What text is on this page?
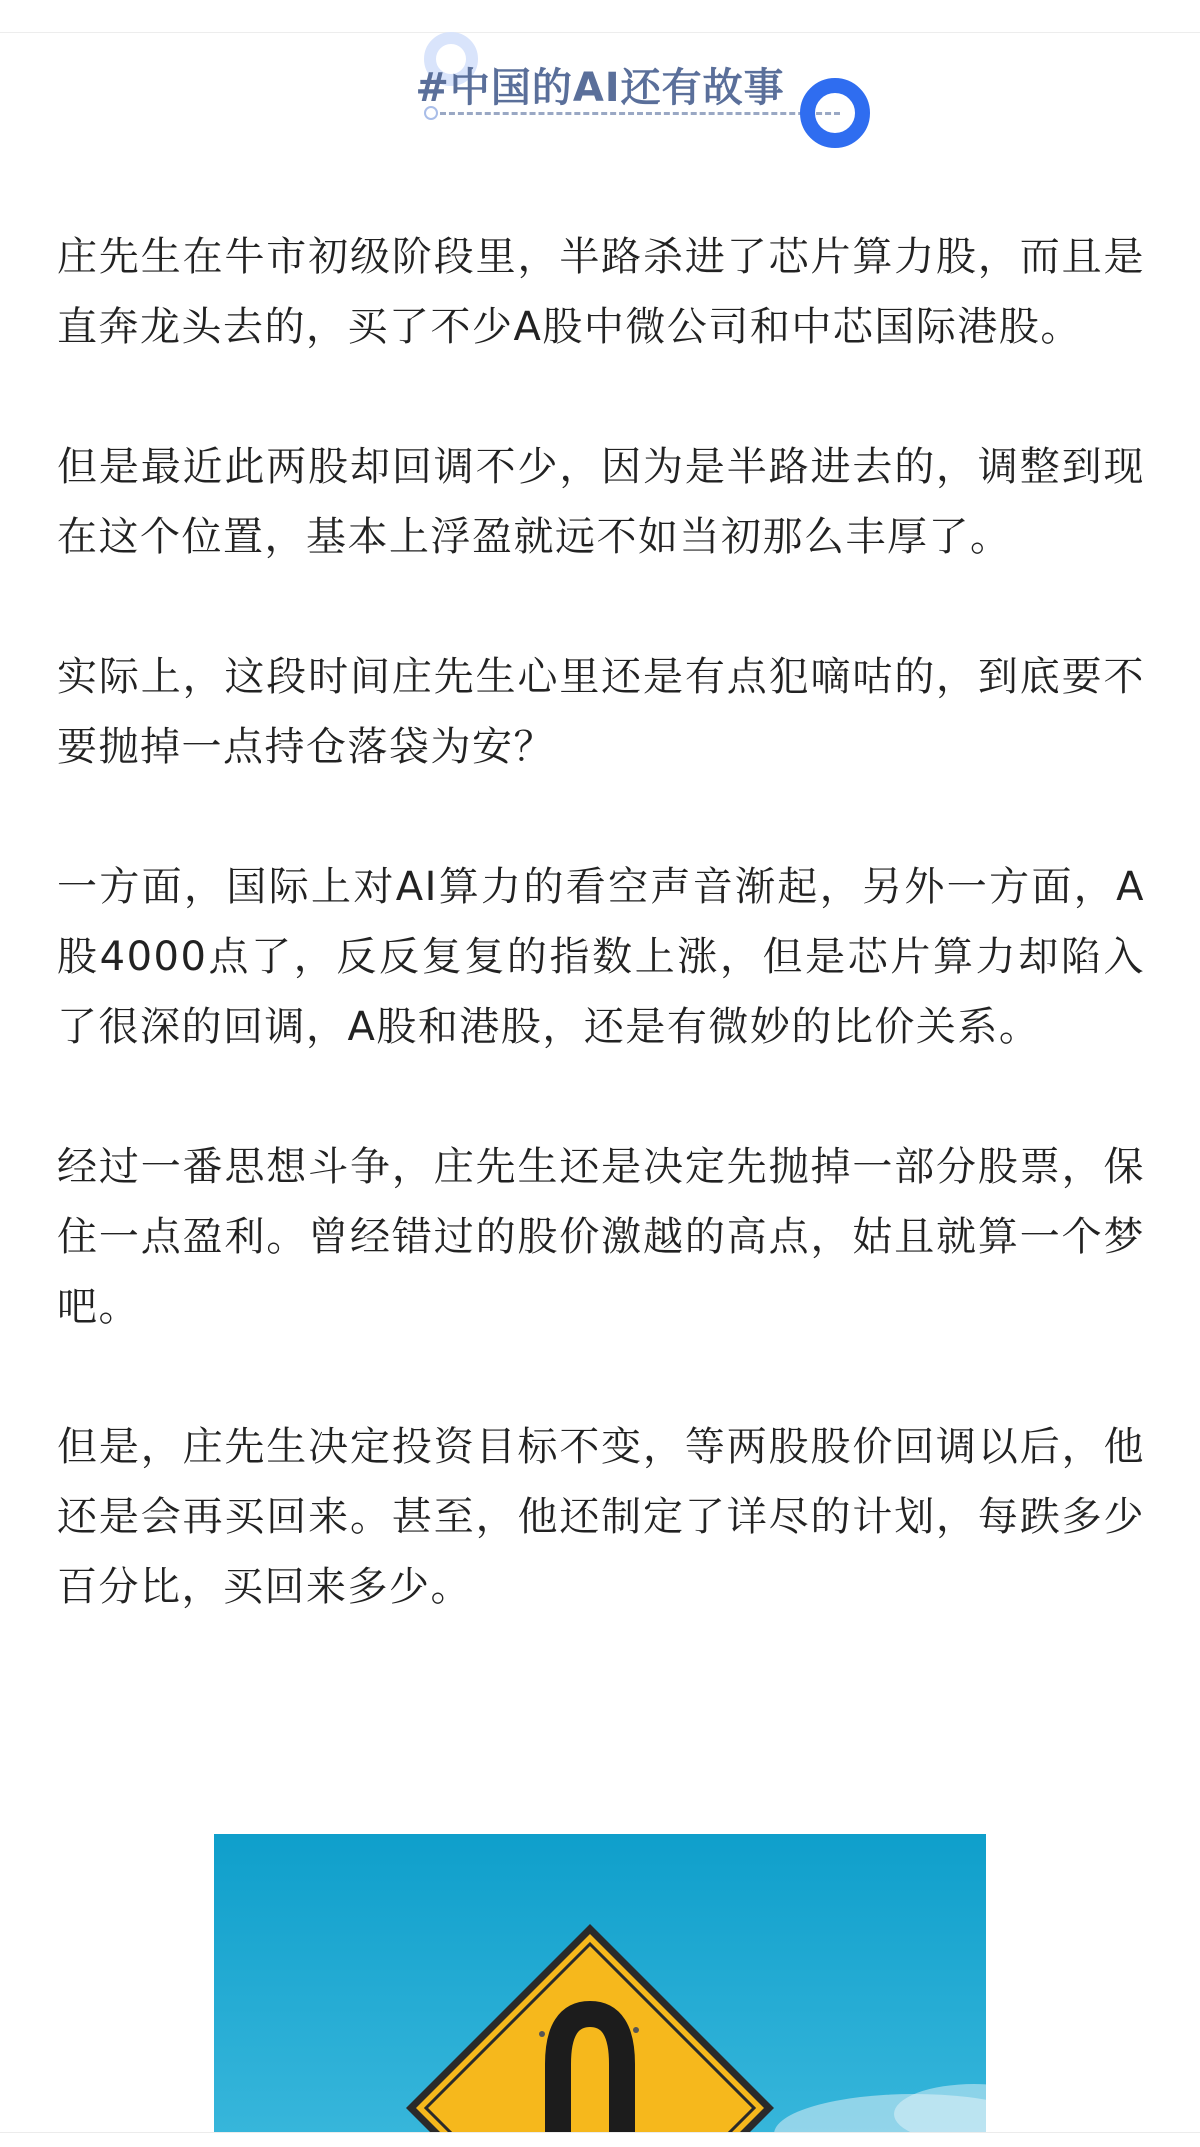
#中国的AI还有故事

庄先生在牛市初级阶段里，半路杀进了芯片算力股，而且是直奔龙头去的，买了不少A股中微公司和中芯国际港股。

但是最近此两股却回调不少，因为是半路进去的，调整到现在这个位置，基本上浮盈就远不如当初那么丰厚了。

实际上，这段时间庄先生心里还是有点犯嘀咕的，到底要不要抛掉一点持仓落袋为安？

一方面，国际上对AI算力的看空声音渐起，另外一方面，A股4000点了，反反复复的指数上涨，但是芯片算力却陷入了很深的回调，A股和港股，还是有微妙的比价关系。

经过一番思想斗争，庄先生还是决定先抛掉一部分股票，保住一点盈利。曾经错过的股价激越的高点，姑且就算一个梦吧。

但是，庄先生决定投资目标不变，等两股股价回调以后，他还是会再买回来。甚至，他还制定了详尽的计划，每跌多少百分比，买回来多少。
